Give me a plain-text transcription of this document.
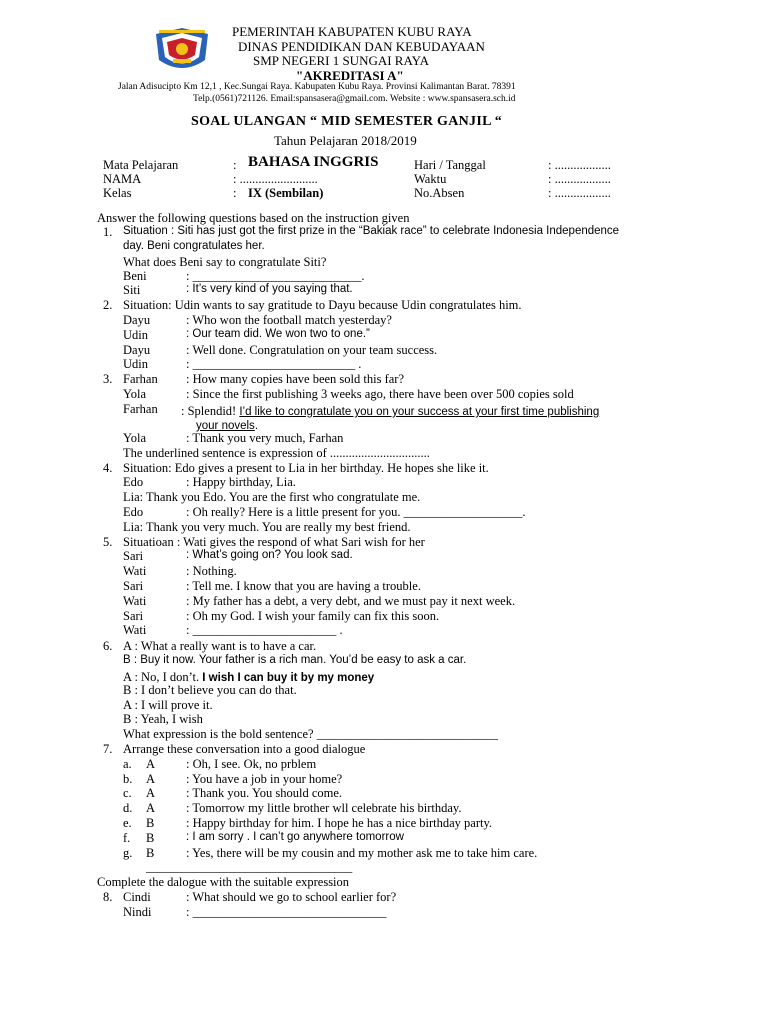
PEMERINTAH KABUPATEN KUBU RAYA
DINAS PENDIDIKAN DAN KEBUDAYAAN
SMP NEGERI 1 SUNGAI RAYA
"AKREDITASI A"
Jalan Adisucipto Km 12,1 , Kec.Sungai Raya. Kabupaten Kubu Raya. Provinsi Kalimantan Barat. 78391
Telp.(0561)721126. Email:spansasera@gmail.com. Website : www.spansasera.sch.id
SOAL ULANGAN “ MID SEMESTER GANJIL “
Tahun Pelajaran 2018/2019
Mata Pelajaran	: BAHASA INGGRIS	Hari / Tanggal	: ..................
NAMA	: .........................	Waktu	: ..................
Kelas	: IX (Sembilan)	No.Absen	: ..................
Answer the following questions based on the instruction given
1. Situation : Siti has just got the first prize in the “Bakiak race” to celebrate Indonesia Independence
day. Beni congratulates her.
What does Beni say to congratulate Siti?
Beni	: ___________________________.
Siti	: It’s very kind of you saying that.
2. Situation: Udin wants to say gratitude to Dayu because Udin congratulates him.
Dayu	: Who won the football match yesterday?
Udin	: Our team did. We won two to one.”
Dayu	: Well done. Congratulation on your team success.
Udin	: __________________________ .
3. Farhan : How many copies have been sold this far?
Yola	: Since the first publishing 3 weeks ago, there have been over 500 copies sold
Farhan : Splendid! I’d like to congratulate you on your success at your first time publishing
your novels.
Yola	: Thank you very much, Farhan
The underlined sentence is expression of ................................
4. Situation: Edo gives a present to Lia in her birthday. He hopes she like it.
Edo	: Happy birthday, Lia.
Lia: Thank you Edo. You are the first who congratulate me.
Edo	: Oh really? Here is a little present for you. ___________________.
Lia: Thank you very much. You are really my best friend.
5. Situatioan : Wati gives the respond of what Sari wish for her
Sari	: What’s going on? You look sad.
Wati	: Nothing.
Sari	: Tell me. I know that you are having a trouble.
Wati	: My father has a debt, a very debt, and we must pay it next week.
Sari	: Oh my God. I wish your family can fix this soon.
Wati	: _______________________ .
6. A : What a really want is to have a car.
B : Buy it now. Your father is a rich man. You’d be easy to ask a car.
A : No, I don’t. I wish I can buy it by my money
B : I don’t believe you can do that.
A : I will prove it.
B : Yeah, I wish
What expression is the bold sentence? _____________________________
7. Arrange these conversation into a good dialogue
a. A : Oh, I see. Ok, no prblem
b. A : You have a job in your home?
c. A : Thank you. You should come.
d. A : Tomorrow my little brother wll celebrate his birthday.
e. B	: Happy birthday for him. I hope he has a nice birthday party.
f. B	: I am sorry . I can’t go anywhere tomorrow
g. B	: Yes, there will be my cousin and my mother ask me to take him care.
_________________________________
Complete the dalogue with the suitable expression
8. Cindi	: What should we go to school earlier for?
Nindi	: _______________________________
